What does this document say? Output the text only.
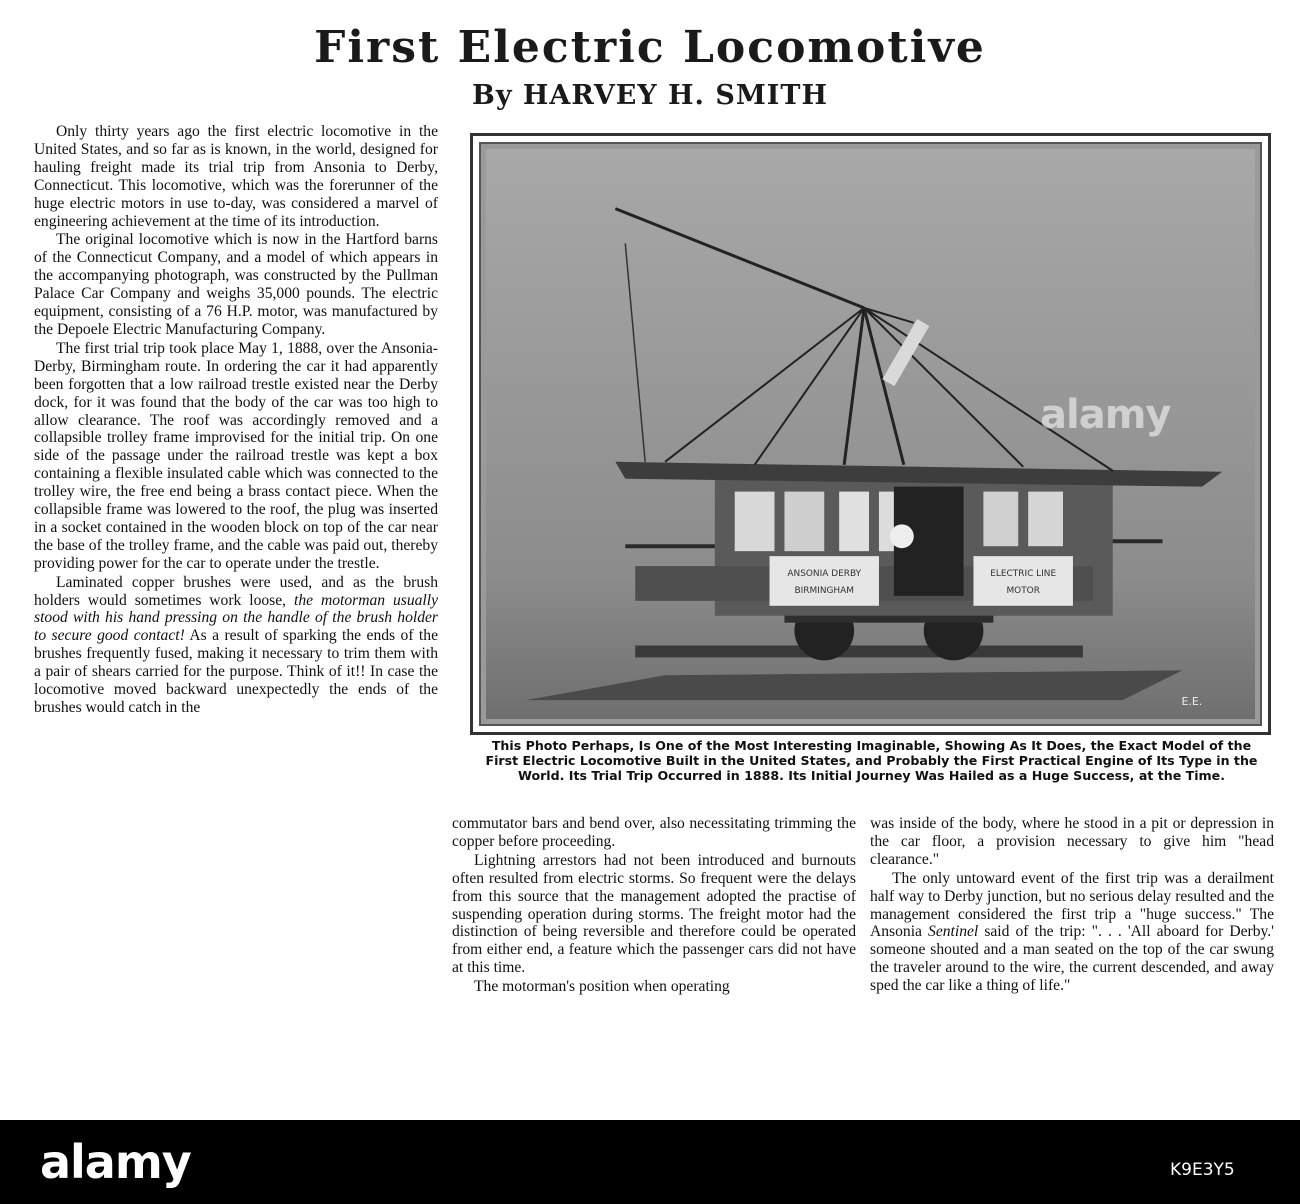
First Electric Locomotive
By HARVEY H. SMITH

Only thirty years ago the first electric locomotive in the United States, and so far as is known, in the world, designed for hauling freight made its trial trip from Ansonia to Derby, Connecticut. This locomotive, which was the forerunner of the huge electric motors in use to-day, was considered a marvel of engineering achievement at the time of its introduction.

The original locomotive which is now in the Hartford barns of the Connecticut Company, and a model of which appears in the accompanying photograph, was constructed by the Pullman Palace Car Company and weighs 35,000 pounds. The electric equipment, consisting of a 76 H.P. motor, was manufactured by the Depoele Electric Manufacturing Company.

The first trial trip took place May 1, 1888, over the Ansonia-Derby, Birmingham route. In ordering the car it had apparently been forgotten that a low railroad trestle existed near the Derby dock, for it was found that the body of the car was too high to allow clearance. The roof was accordingly removed and a collapsible trolley frame improvised for the initial trip. On one side of the passage under the railroad trestle was kept a box containing a flexible insulated cable which was connected to the trolley wire, the free end being a brass contact piece. When the collapsible frame was lowered to the roof, the plug was inserted in a socket contained in the wooden block on top of the car near the base of the trolley frame, and the cable was paid out, thereby providing power for the car to operate under the trestle.

Laminated copper brushes were used, and as the brush holders would sometimes work loose, the motorman usually stood with his hand pressing on the handle of the brush holder to secure good contact! As a result of sparking the ends of the brushes frequently fused, making it necessary to trim them with a pair of shears carried for the purpose. Think of it!! In case the locomotive moved backward unexpectedly the ends of the brushes would catch in the

ANSONIA DERBY
BIRMINGHAM
ELECTRIC LINE
MOTOR
E.E.
alamy
This Photo Perhaps, Is One of the Most Interesting Imaginable, Showing As It Does, the Exact Model of the First Electric Locomotive Built in the United States, and Probably the First Practical Engine of Its Type in the World. Its Trial Trip Occurred in 1888. Its Initial Journey Was Hailed as a Huge Success, at the Time.

commutator bars and bend over, also necessitating trimming the copper before proceeding.

Lightning arrestors had not been introduced and burnouts often resulted from electric storms. So frequent were the delays from this source that the management adopted the practise of suspending operation during storms. The freight motor had the distinction of being reversible and therefore could be operated from either end, a feature which the passenger cars did not have at this time.

The motorman's position when operating

was inside of the body, where he stood in a pit or depression in the car floor, a provision necessary to give him "head clearance."

The only untoward event of the first trip was a derailment half way to Derby junction, but no serious delay resulted and the management considered the first trip a "huge success." The Ansonia Sentinel said of the trip: ". . . 'All aboard for Derby.' someone shouted and a man seated on the top of the car swung the traveler around to the wire, the current descended, and away sped the car like a thing of life."

alamy	K9E3Y5
